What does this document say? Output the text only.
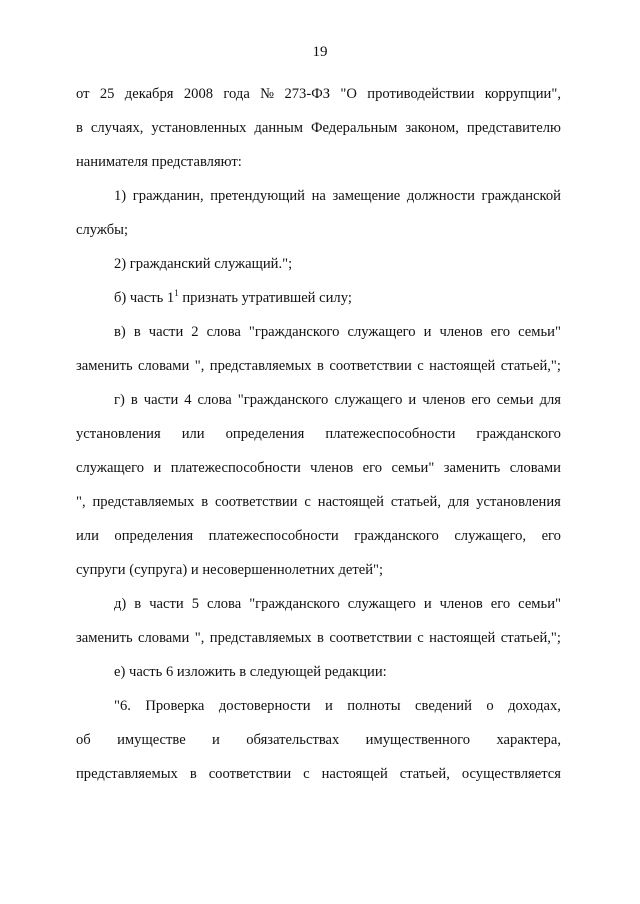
19
от 25 декабря 2008 года № 273-ФЗ "О противодействии коррупции",
в случаях, установленных данным Федеральным законом, представителю
нанимателя представляют:
1) гражданин, претендующий на замещение должности гражданской
службы;
2) гражданский служащий.";
б) часть $1^1$ признать утратившей силу;
в) в части 2 слова "гражданского служащего и членов его семьи"
заменить словами ", представляемых в соответствии с настоящей статьей,";
г) в части 4 слова "гражданского служащего и членов его семьи для
установления или определения платежеспособности гражданского
служащего и платежеспособности членов его семьи" заменить словами
", представляемых в соответствии с настоящей статьей, для установления
или определения платежеспособности гражданского служащего, его
супруги (супруга) и несовершеннолетних детей";
д) в части 5 слова "гражданского служащего и членов его семьи"
заменить словами ", представляемых в соответствии с настоящей статьей,";
е) часть 6 изложить в следующей редакции:
"6. Проверка достоверности и полноты сведений о доходах,
об имуществе и обязательствах имущественного характера,
представляемых в соответствии с настоящей статьей, осуществляется
